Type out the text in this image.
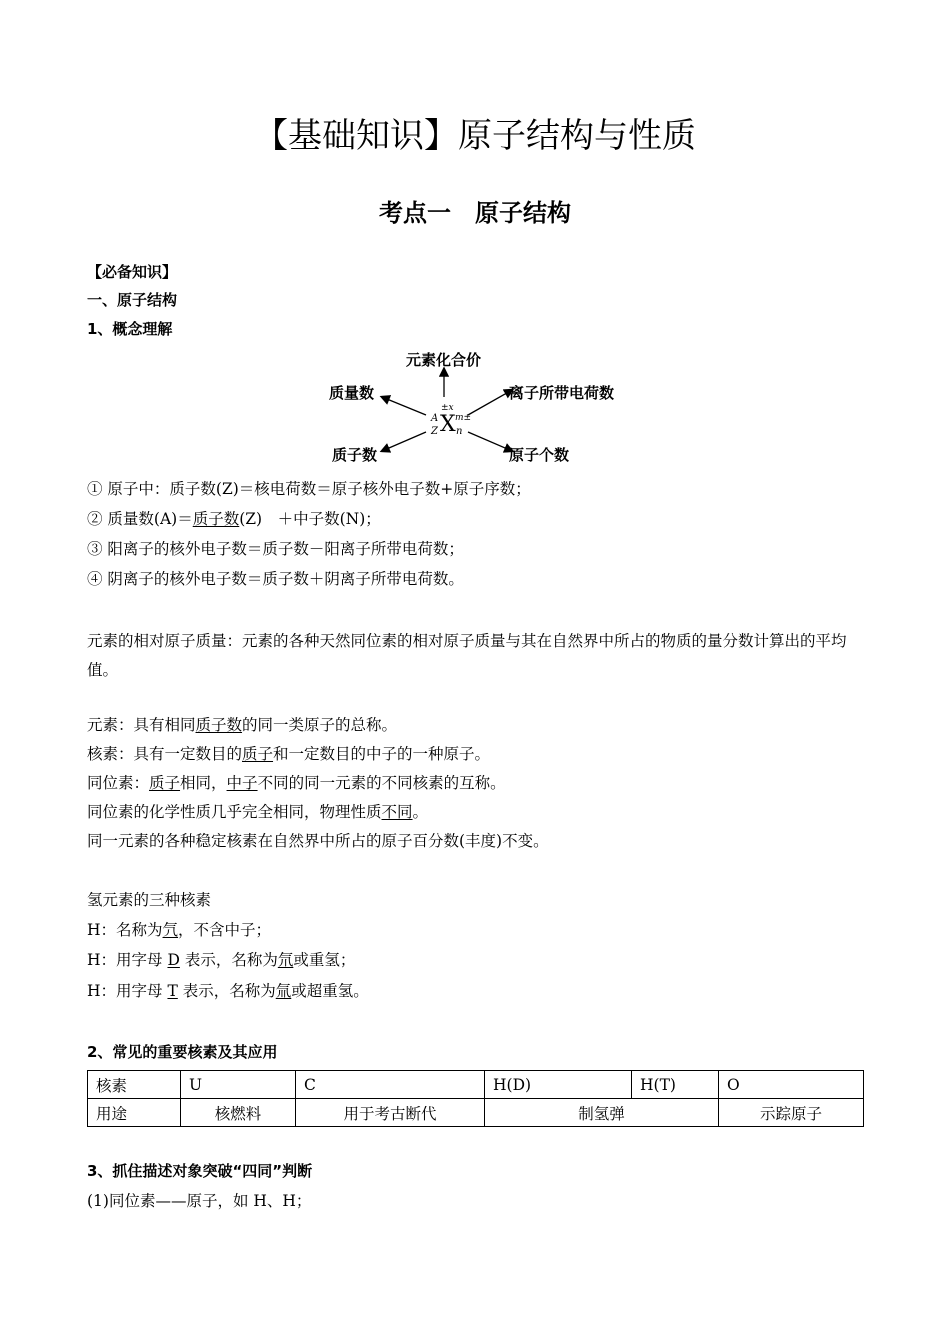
【基础知识】原子结构与性质
考点一　原子结构
【必备知识】
一、原子结构
1、概念理解
元素化合价
质量数	离子所带电荷数
质子数	原子个数
A
Z X
±x
m±
n
① 原子中：质子数(Z)＝核电荷数＝原子核外电子数+原子序数；
② 质量数(A)＝质子数(Z)　＋中子数(N)；
③ 阳离子的核外电子数＝质子数－阳离子所带电荷数；
④ 阴离子的核外电子数＝质子数＋阴离子所带电荷数。
元素的相对原子质量：元素的各种天然同位素的相对原子质量与其在自然界中所占的物质的量分数计算出的平均值。
元素：具有相同质子数的同一类原子的总称。
核素：具有一定数目的质子和一定数目的中子的一种原子。
同位素：质子相同，中子不同的同一元素的不同核素的互称。
同位素的化学性质几乎完全相同，物理性质不同。
同一元素的各种稳定核素在自然界中所占的原子百分数(丰度)不变。
氢元素的三种核素
H：名称为氕，不含中子；
H：用字母 D 表示，名称为氘或重氢；
H：用字母 T 表示，名称为氚或超重氢。
2、常见的重要核素及其应用
核素	U	C	H(D)	H(T)	O
用途	核燃料	用于考古断代	制氢弹		示踪原子
3、抓住描述对象突破“四同”判断
(1)同位素——原子，如 H、H；
